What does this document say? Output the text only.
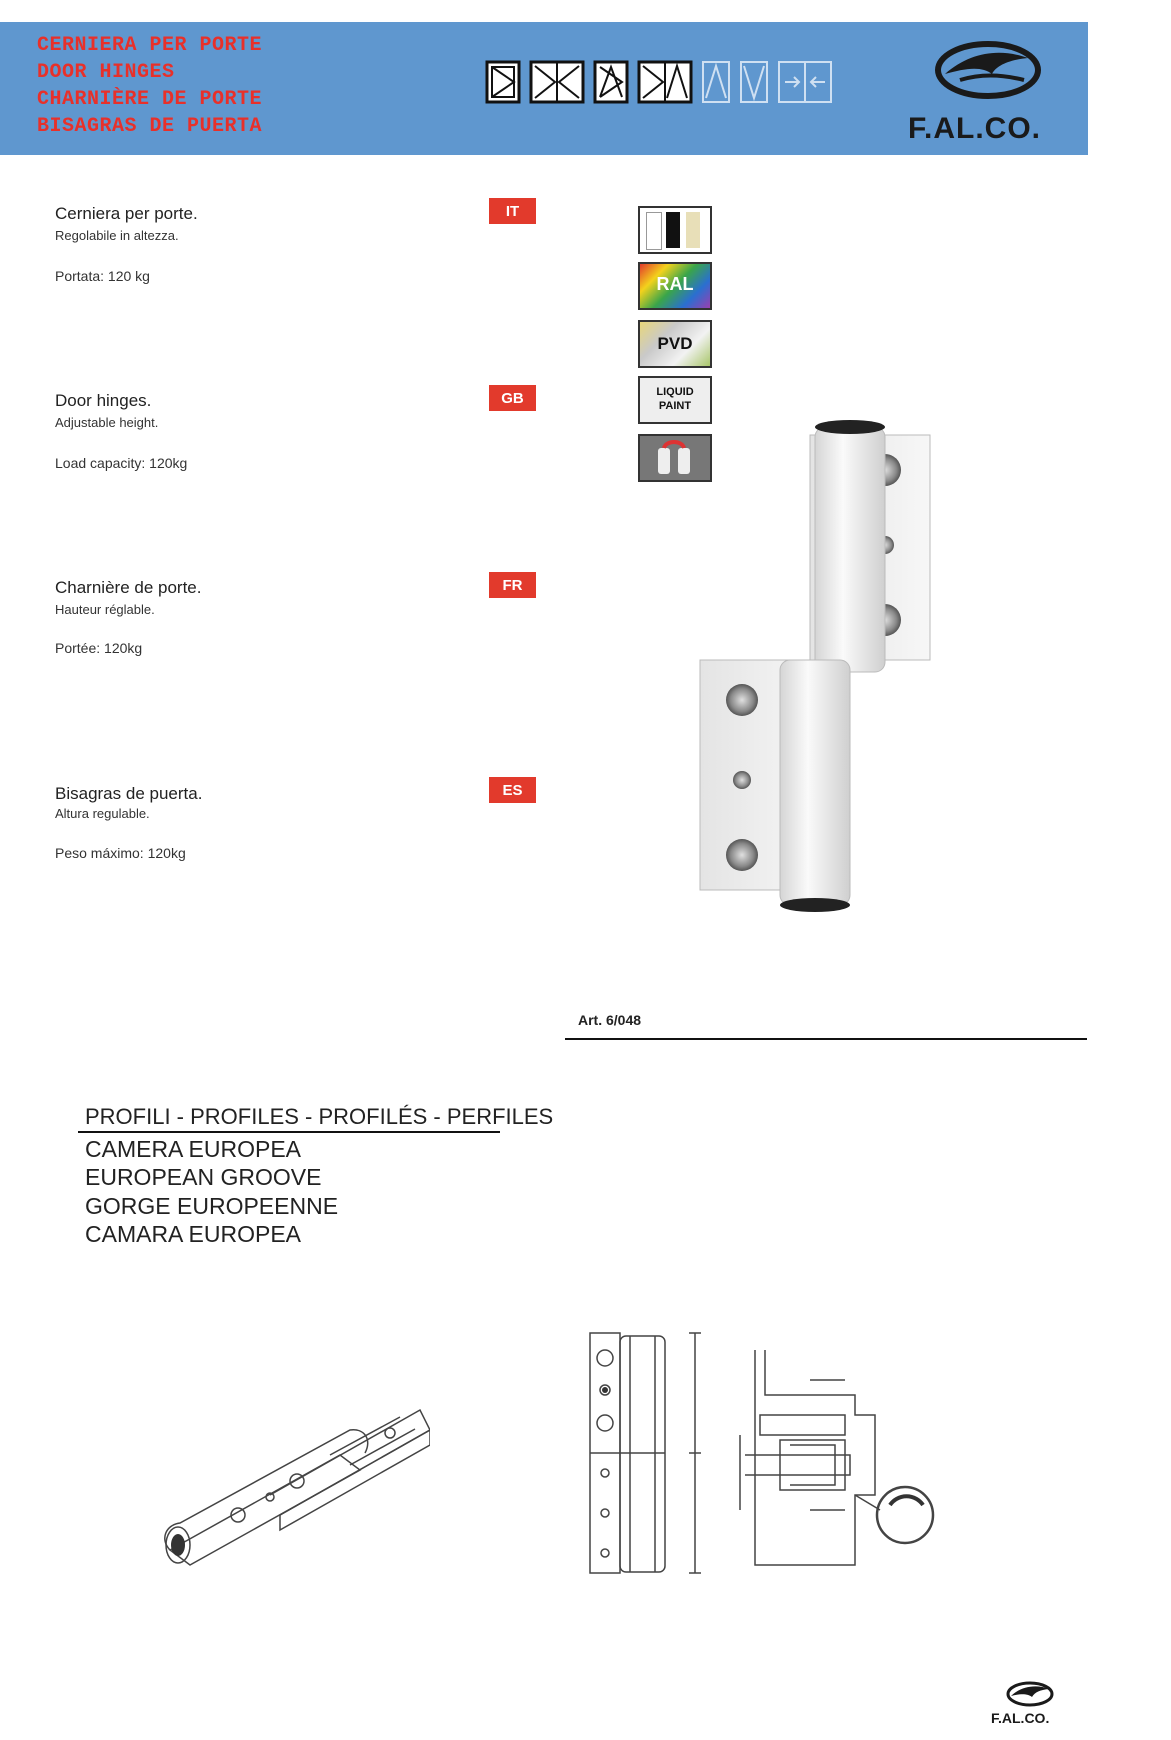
CERNIERA PER PORTE
DOOR HINGES
CHARNIÈRE DE PORTE
BISAGRAS DE PUERTA	F.AL.CO.
Cerniera per porte.
Regolabile in altezza.
Portata: 120 kg
IT
Door hinges.
Adjustable height.
Load capacity: 120kg
GB
Charnière de porte.
Hauteur réglable.
Portée: 120kg
FR
Bisagras de puerta.
Altura regulable.
Peso máximo: 120kg
ES
RAL
PVD
LIQUID
PAINT
Art. 6/048
PROFILI - PROFILES - PROFILÉS - PERFILES
CAMERA EUROPEA
EUROPEAN GROOVE
GORGE EUROPEENNE
CAMARA EUROPEA
F.AL.CO.
